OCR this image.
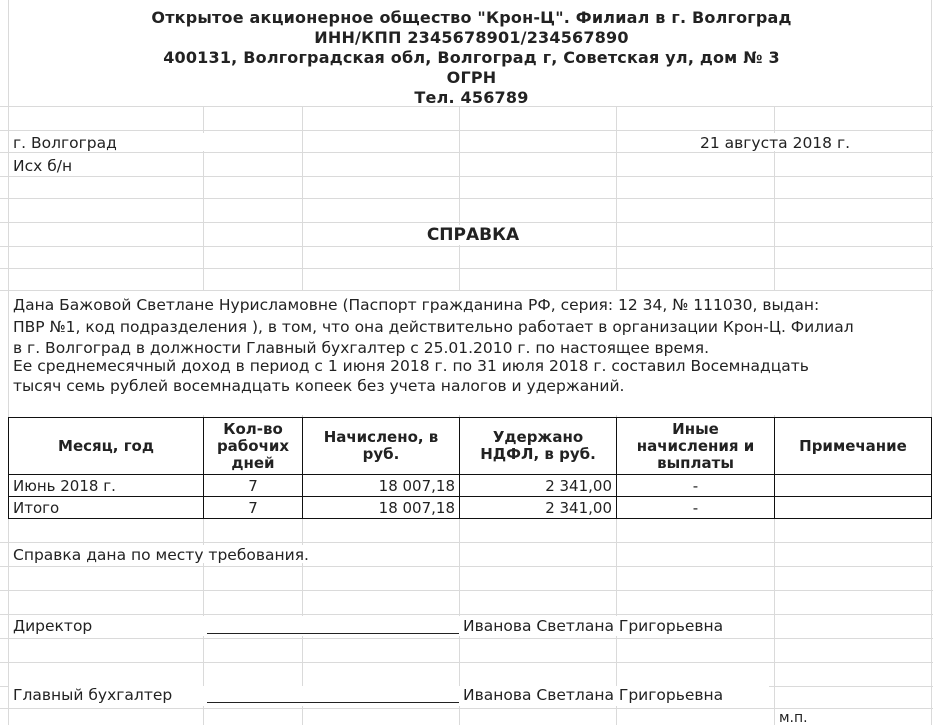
Открытое акционерное общество "Крон-Ц". Филиал в г. Волгоград
ИНН/КПП 2345678901/234567890
400131, Волгоградская обл, Волгоград г, Советская ул, дом № 3
ОГРН
Тел. 456789
г. Волгоград	21 августа 2018 г.
Исх б/н
СПРАВКА
Дана Бажовой Светлане Нурисламовне (Паспорт гражданина РФ, серия: 12 34, № 111030, выдан:
ПВР №1, код подразделения ), в том, что она действительно работает в организации Крон-Ц. Филиал
в г. Волгоград в должности Главный бухгалтер с 25.01.2010 г. по настоящее время.
Ее среднемесячный доход в период с 1 июня 2018 г. по 31 июля 2018 г. составил Восемнадцать
тысяч семь рублей восемнадцать копеек без учета налогов и удержаний.
Месяц, год	Кол-во рабочих дней	Начислено, в руб.	Удержано НДФЛ, в руб.	Иные начисления и выплаты	Примечание
Июнь 2018 г.	7	18 007,18	2 341,00	-	
Итого	7	18 007,18	2 341,00	-	
Справка дана по месту требования.
Директор	Иванова Светлана Григорьевна
Главный бухгалтер	Иванова Светлана Григорьевна
м.п.
